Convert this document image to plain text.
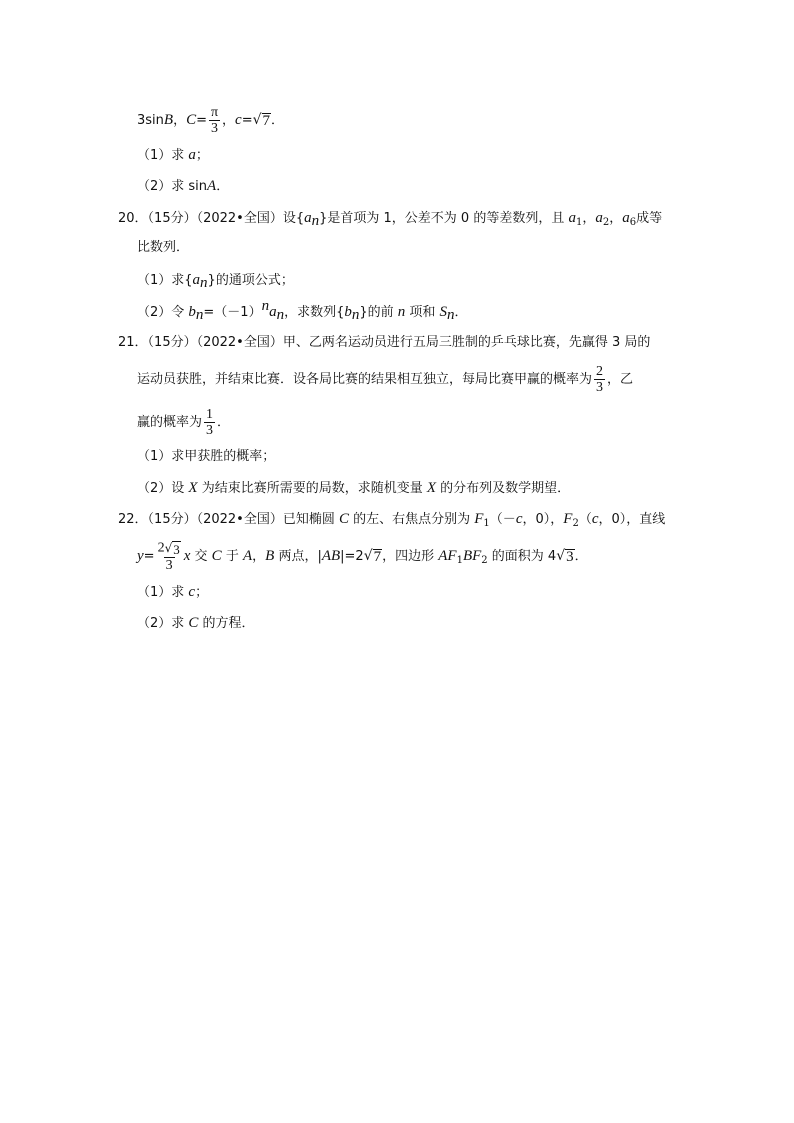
3sinB，$C= \frac{\pi}{3}$ ，c= √ 7 ．
（1）求 a；
（2）求 sinA．
20．（15分）（2022•全国）设$\{a_n\}$是首项为 1，公差不为 0 的等差数列，且 $a_1$，$a_2$，$a_6$成等
比数列．
（1）求$\{a_n\}$的通项公式；
（2）令 $b_n=(-1)^na_n$，求数列$\{b_n\}$的前 n 项和 $S_n$．
21．（15分）（2022•全国）甲、乙两名运动员进行五局三胜制的乒乓球比赛，先赢得 3 局的
运动员获胜，并结束比赛．设各局比赛的结果相互独立，每局比赛甲赢的概率为 $\frac{2}{3}$ ，乙
赢的概率为 $\frac{1}{3}$ ．
（1）求甲获胜的概率；
（2）设 X 为结束比赛所需要的局数，求随机变量 X 的分布列及数学期望．
22．（15分）（2022•全国）已知椭圆 C 的左、右焦点分别为 $F_1(-c$，0），$F_2(c$，0），直线
$y= \frac{2 √ 3}{3}$ x 交 C 于 A，B 两点，|AB|=2 √ 7 ，四边形 $AF_1BF_2$ 的面积为 4 √ 3 ．
（1）求 c；
（2）求 C 的方程．
